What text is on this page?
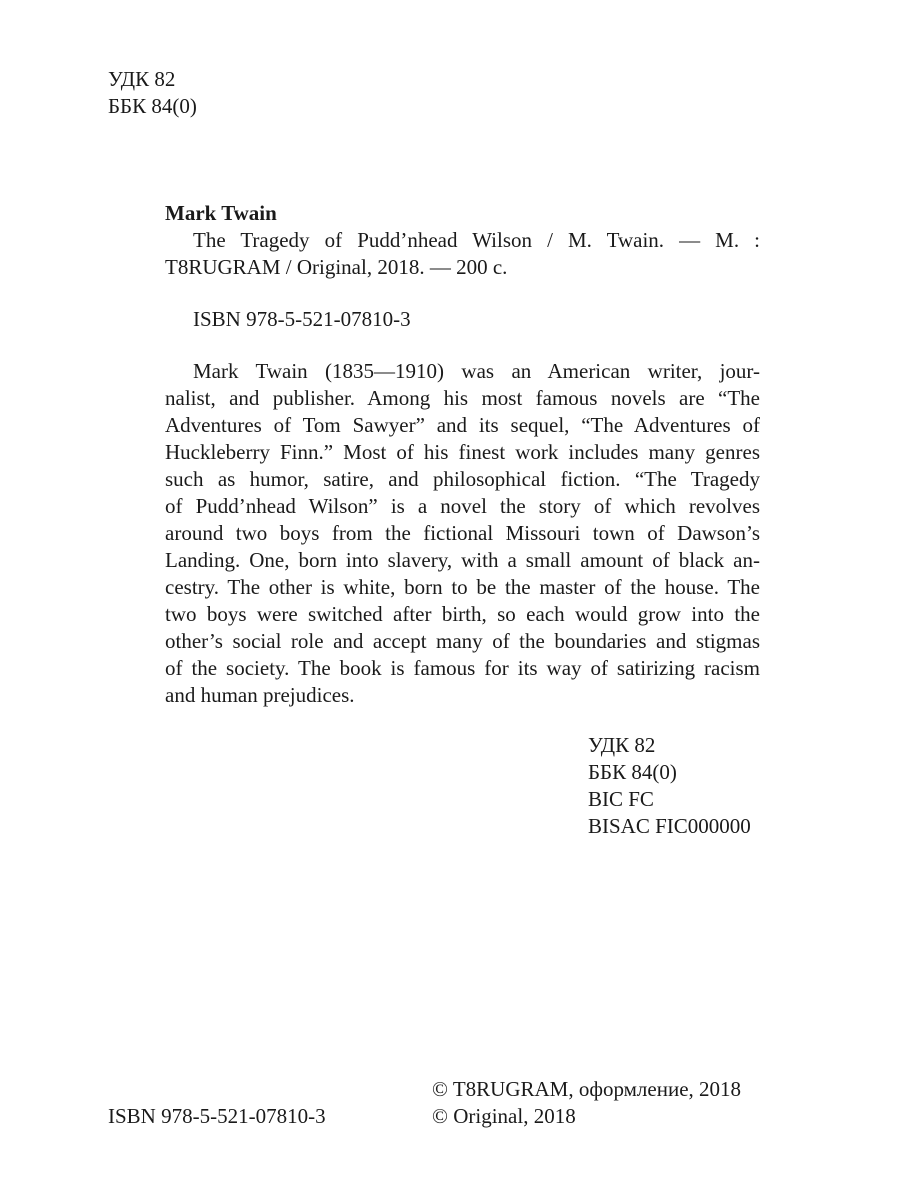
УДК 82
ББК 84(0)
Mark Twain
The Tragedy of Pudd’nhead Wilson / M. Twain. — M. :
T8RUGRAM / Original, 2018. — 200 c.
ISBN 978-5-521-07810-3
Mark Twain (1835—1910) was an American writer, jour-
nalist, and publisher. Among his most famous novels are “The
Adventures of Tom Sawyer” and its sequel, “The Adventures of
Huckleberry Finn.” Most of his finest work includes many genres
such as humor, satire, and philosophical fiction. “The Tragedy
of Pudd’nhead Wilson” is a novel the story of which revolves
around two boys from the fictional Missouri town of Dawson’s
Landing. One, born into slavery, with a small amount of black an-
cestry. The other is white, born to be the master of the house. The
two boys were switched after birth, so each would grow into the
other’s social role and accept many of the boundaries and stigmas
of the society. The book is famous for its way of satirizing racism
and human prejudices.
УДК 82
ББК 84(0)
BIC FC
BISAC FIC000000
ISBN 978-5-521-07810-3
© T8RUGRAM, оформление, 2018
© Original, 2018
